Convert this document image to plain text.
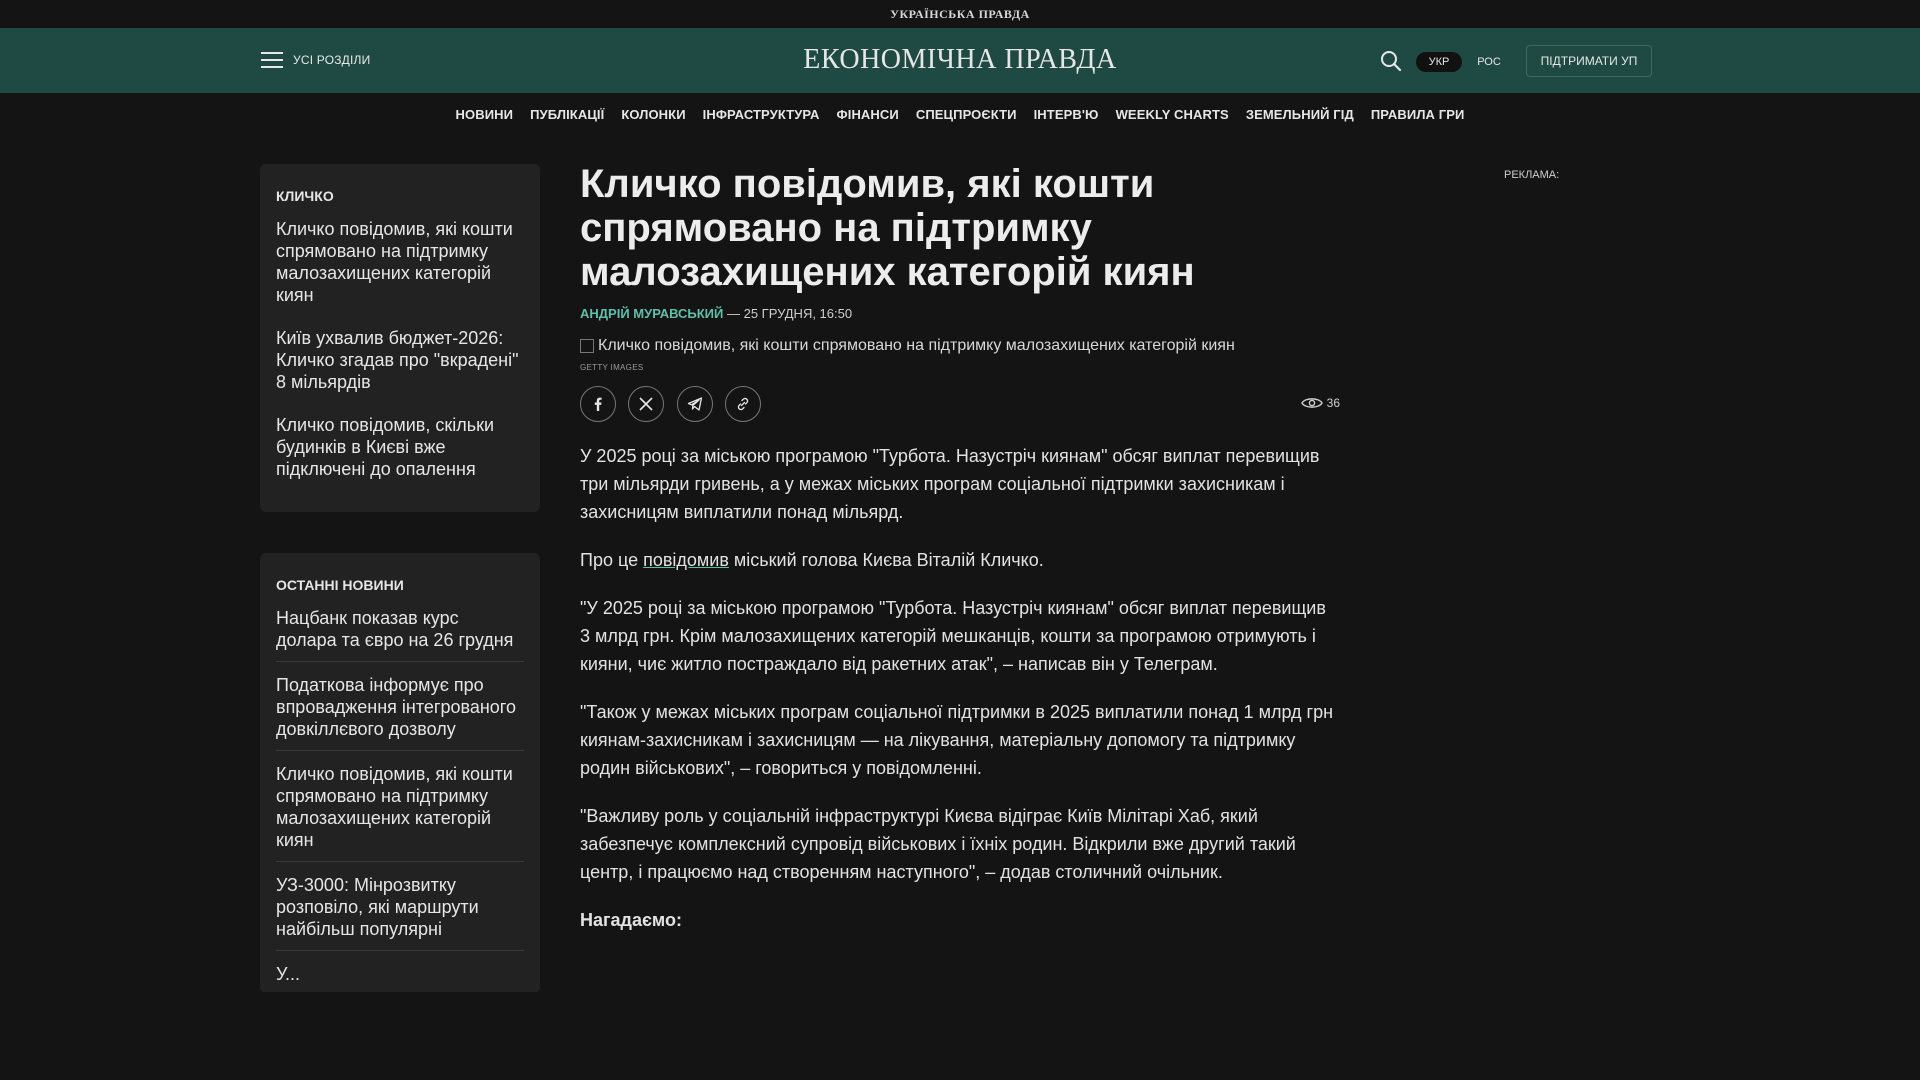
УКРАЇНСЬКА ПРАВДА
УСІ РОЗДІЛИ	ЕКОНОМІЧНА ПРАВДА	УКР	РОС	ПІДТРИМАТИ УП
НОВИНИ ПУБЛІКАЦІЇ КОЛОНКИ ІНФРАСТРУКТУРА ФІНАНСИ СПЕЦПРОЄКТИ ІНТЕРВ'Ю WEEKLY CHARTS ЗЕМЕЛЬНИЙ ГІД ПРАВИЛА ГРИ
КЛИЧКО
Кличко повідомив, які кошти спрямовано на підтримку малозахищених категорій киян
Київ ухвалив бюджет-2026: Кличко згадав про "вкрадені" 8 мільярдів
Кличко повідомив, скільки будинків в Києві вже підключені до опалення
ОСТАННІ НОВИНИ
Нацбанк показав курс долара та євро на 26 грудня
Податкова інформує про впровадження інтегрованого довкіллєвого дозволу
Кличко повідомив, які кошти спрямовано на підтримку малозахищених категорій киян
УЗ-3000: Мінрозвитку розповіло, які маршрути найбільш популярні
У...
Кличко повідомив, які кошти спрямовано на підтримку малозахищених категорій киян
АНДРІЙ МУРАВСЬКИЙ — 25 ГРУДНЯ, 16:50
Кличко повідомив, які кошти спрямовано на підтримку малозахищених категорій киян
GETTY IMAGES

36

У 2025 році за міською програмою "Турбота. Назустріч киянам" обсяг виплат перевищив три мільярди гривень, а у межах міських програм соціальної підтримки захисникам і захисницям виплатили понад мільярд.

Про це повідомив міський голова Києва Віталій Кличко.

"У 2025 році за міською програмою "Турбота. Назустріч киянам" обсяг виплат перевищив 3 млрд грн. Крім малозахищених категорій мешканців, кошти за програмою отримують і кияни, чиє житло постраждало від ракетних атак", – написав він у Телеграм.

"Також у межах міських програм соціальної підтримки в 2025 виплатили понад 1 млрд грн киянам-захисникам і захисницям — на лікування, матеріальну допомогу та підтримку родин військових", – говориться у повідомленні.

"Важливу роль у соціальній інфраструктурі Києва відіграє Київ Мілітарі Хаб, який забезпечує комплексний супровід військових і їхніх родин. Відкрили вже другий такий центр, і працюємо над створенням наступного", – додав столичний очільник.

Нагадаємо:

РЕКЛАМА:
